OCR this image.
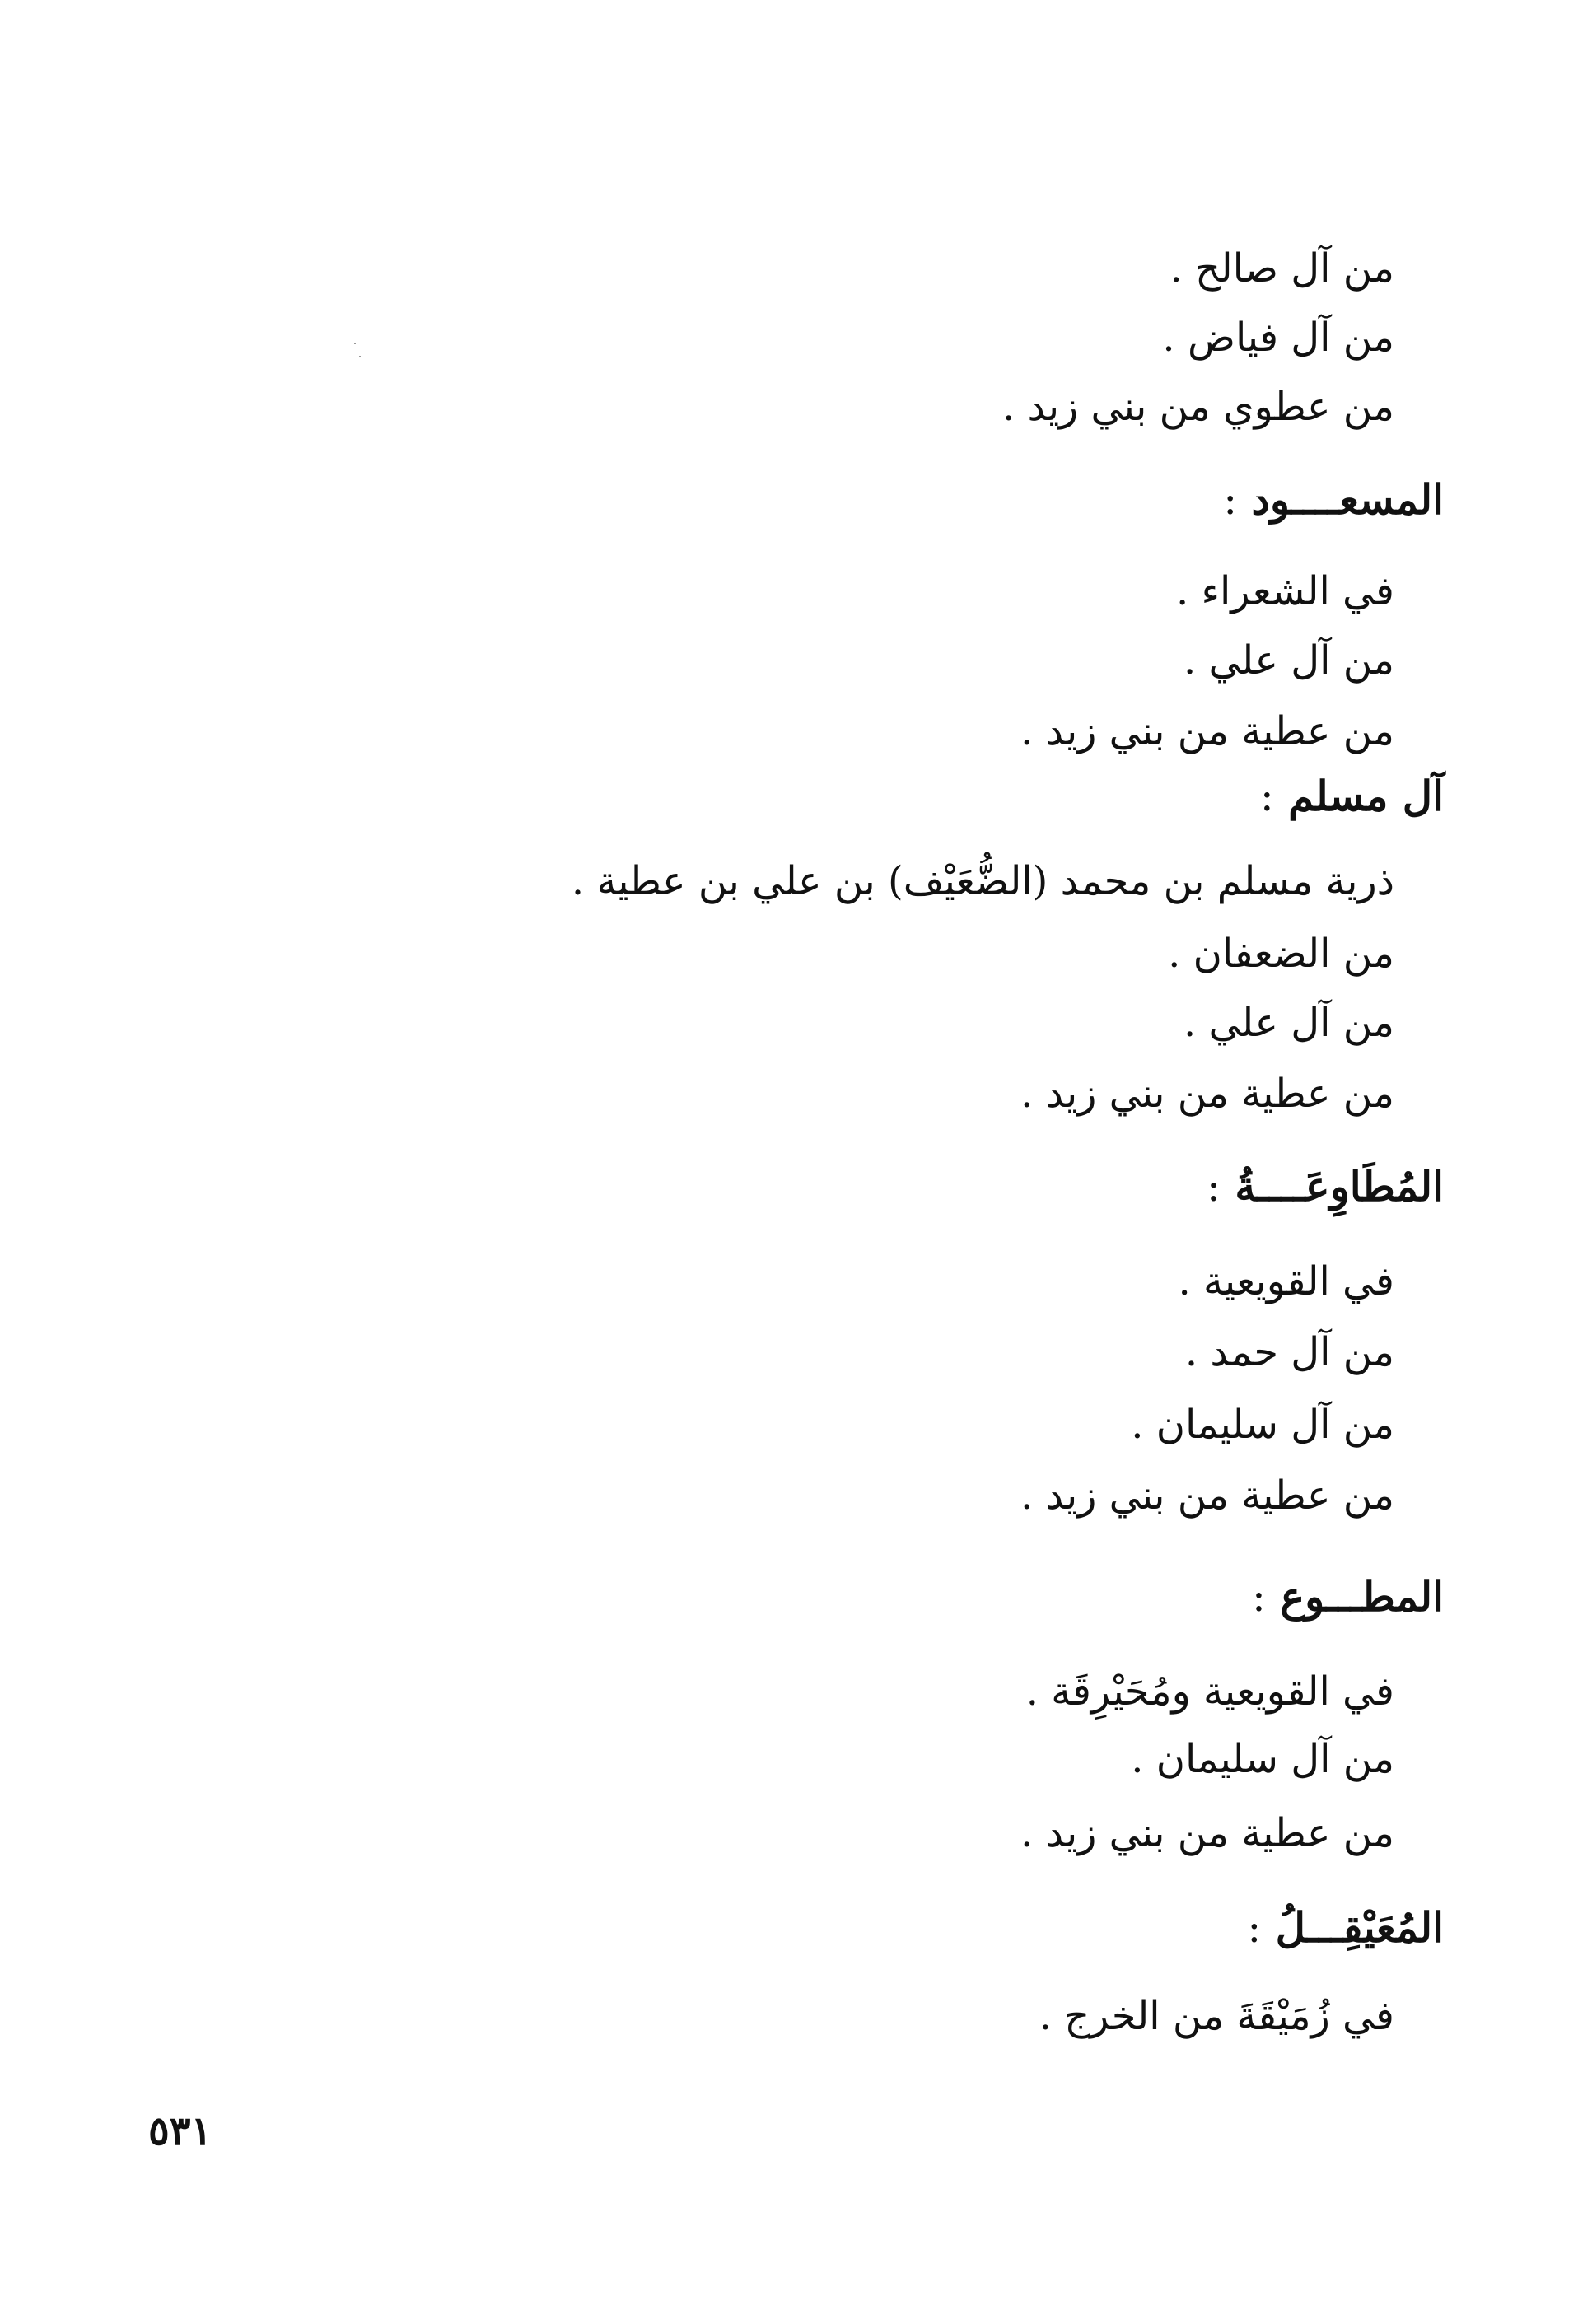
من آل صالح .
من آل فياض .
من عطوي من بني زيد .
المسعــــود :
في الشعراء .
من آل علي .
من عطية من بني زيد .
آل مسلم :
ذرية مسلم بن محمد (الضُّعَيْف) بن علي بن عطية .
من الضعفان .
من آل علي .
من عطية من بني زيد .
المُطَاوِعَــــةُ :
في القويعية .
من آل حمد .
من آل سليمان .
من عطية من بني زيد .
المطـــوع :
في القويعية ومُحَيْرِقَة .
من آل سليمان .
من عطية من بني زيد .
المُعَيْقِـــلُ :
في زُمَيْقَةَ من الخرج .
٥٣١
